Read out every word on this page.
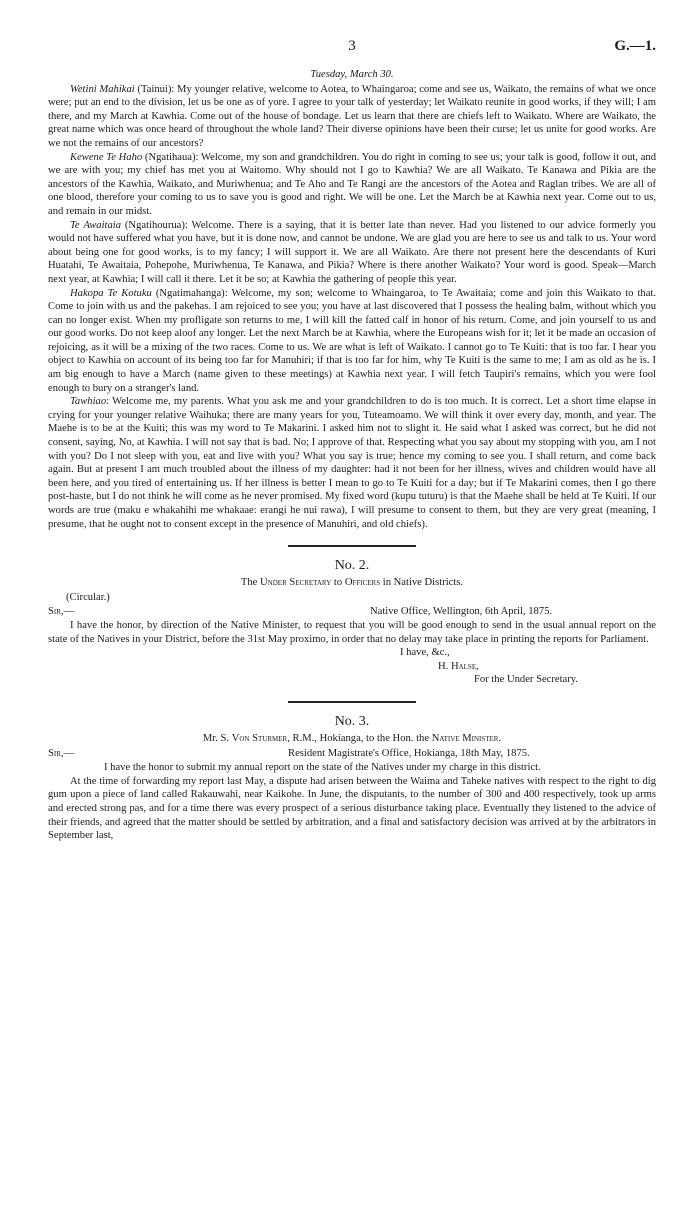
3	G.—1.
Tuesday, March 30.

Wetini Mahikai (Tainui): My younger relative, welcome to Aotea, to Whaingaroa; come and see us, Waikato, the remains of what we once were; put an end to the division, let us be one as of yore. I agree to your talk of yesterday; let Waikato reunite in good works, if they will; I am there, and my March at Kawhia. Come out of the house of bondage. Let us learn that there are chiefs left to Waikato. Where are Waikato, the great name which was once heard of throughout the whole land? Their diverse opinions have been their curse; let us unite for good works. Are we not the remains of our ancestors?

Kewene Te Haho (Ngatihaua): Welcome, my son and grandchildren. You do right in coming to see us; your talk is good, follow it out, and we are with you; my chief has met you at Waitomo. Why should not I go to Kawhia? We are all Waikato. Te Kanawa and Pikia are the ancestors of the Kawhia, Waikato, and Muriwhenua; and Te Aho and Te Rangi are the ancestors of the Aotea and Raglan tribes. We are all of one blood, therefore your coming to us to save you is good and right. We will be one. Let the March be at Kawhia next year. Come out to us, and remain in our midst.

Te Awaitaia (Ngatihourua): Welcome. There is a saying, that it is better late than never. Had you listened to our advice formerly you would not have suffered what you have, but it is done now, and cannot be undone. We are glad you are here to see us and talk to us. Your word about being one for good works, is to my fancy; I will support it. We are all Waikato. Are there not present here the descendants of Kuri Huatahi, Te Awaitaia, Pohepohe, Muriwhenua, Te Kanawa, and Pikia? Where is there another Waikato? Your word is good. Speak—March next year, at Kawhia; I will call it there. Let it be so; at Kawhia the gathering of people this year.

Hakopa Te Kotuku (Ngatimahanga): Welcome, my son; welcome to Whaingaroa, to Te Awaitaia; come and join this Waikato to that. Come to join with us and the pakehas. I am rejoiced to see you; you have at last discovered that I possess the healing balm, without which you can no longer exist. When my profligate son returns to me, I will kill the fatted calf in honor of his return. Come, and join yourself to us and our good works. Do not keep aloof any longer. Let the next March be at Kawhia, where the Europeans wish for it; let it be made an occasion of rejoicing, as it will be a mixing of the two races. Come to us. We are what is left of Waikato. I cannot go to Te Kuiti: that is too far. I hear you object to Kawhia on account of its being too far for Manuhiri; if that is too far for him, why Te Kuiti is the same to me; I am as old as he is. I am big enough to have a March (name given to these meetings) at Kawhia next year. I will fetch Taupiri's remains, which you were fool enough to bury on a stranger's land.

Tawhiao: Welcome me, my parents. What you ask me and your grandchildren to do is too much. It is correct. Let a short time elapse in crying for your younger relative Waihuka; there are many years for you, Tuteamoamo. We will think it over every day, month, and year. The Maehe is to be at the Kuiti; this was my word to Te Makarini. I asked him not to slight it. He said what I asked was correct, but he did not consent, saying, No, at Kawhia. I will not say that is bad. No; I approve of that. Respecting what you say about my stopping with you, am I not with you? Do I not sleep with you, eat and live with you? What you say is true; hence my coming to see you. I shall return, and come back again. But at present I am much troubled about the illness of my daughter: had it not been for her illness, wives and children would have all been here, and you tired of entertaining us. If her illness is better I mean to go to Te Kuiti for a day; but if Te Makarini comes, then I go there post-haste, but I do not think he will come as he never promised. My fixed word (kupu tuturu) is that the Maehe shall be held at Te Kuiti. If our words are true (maku e whakahihi me whakaae: erangi he nui rawa), I will presume to consent to them, but they are very great (meaning, I presume, that he ought not to consent except in the presence of Manuhiri, and old chiefs).

No. 2.
The Under Secretary to Officers in Native Districts.
(Circular.)
Sir,—	Native Office, Wellington, 6th April, 1875.

I have the honor, by direction of the Native Minister, to request that you will be good enough to send in the usual annual report on the state of the Natives in your District, before the 31st May proximo, in order that no delay may take place in printing the reports for Parliament.

I have, &c.,
H. Halse,
For the Under Secretary.
No. 3.
Mr. S. Von Sturmer, R.M., Hokianga, to the Hon. the Native Minister.
Sir,—	Resident Magistrate's Office, Hokianga, 18th May, 1875.

I have the honor to submit my annual report on the state of the Natives under my charge in this district.

At the time of forwarding my report last May, a dispute had arisen between the Waima and Taheke natives with respect to the right to dig gum upon a piece of land called Rakauwahi, near Kaikohe. In June, the disputants, to the number of 300 and 400 respectively, took up arms and erected strong pas, and for a time there was every prospect of a serious disturbance taking place. Eventually they listened to the advice of their friends, and agreed that the matter should be settled by arbitration, and a final and satisfactory decision was arrived at by the arbitrators in September last,
